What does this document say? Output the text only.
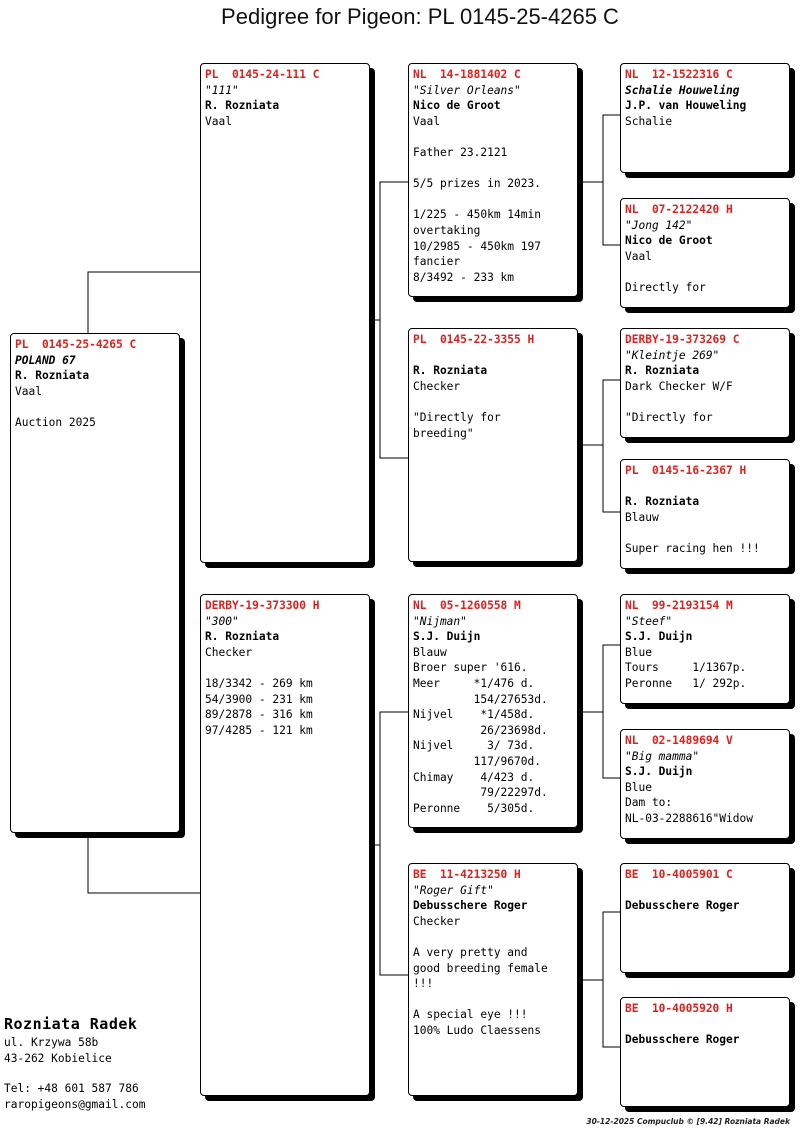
Pedigree for Pigeon: PL 0145-25-4265 C
PL  0145-25-4265 C
POLAND 67
R. Rozniata
Vaal
Auction 2025
PL  0145-24-111 C
"111"
R. Rozniata
Vaal
DERBY-19-373300 H
"300"
R. Rozniata
Checker
18/3342 - 269 km
54/3900 - 231 km
89/2878 - 316 km
97/4285 - 121 km
NL  14-1881402 C
"Silver Orleans"
Nico de Groot
Vaal
Father 23.2121
5/5 prizes in 2023.
1/225 - 450km 14min
overtaking
10/2985 - 450km 197
fancier
8/3492 - 233 km
PL  0145-22-3355 H
R. Rozniata
Checker
"Directly for
breeding"
NL  05-1260558 M
"Nijman"
S.J. Duijn
Blauw
Broer super '616.
Meer     *1/476 d.
154/27653d.
Nijvel    *1/458d.
26/23698d.
Nijvel     3/ 73d.
117/9670d.
Chimay    4/423 d.
79/22297d.
Peronne    5/305d.
BE  11-4213250 H
"Roger Gift"
Debusschere Roger
Checker
A very pretty and
good breeding female
!!!
A special eye !!!
100% Ludo Claessens
NL  12-1522316 C
Schalie Houweling
J.P. van Houweling
Schalie
NL  07-2122420 H
"Jong 142"
Nico de Groot
Vaal
Directly for
DERBY-19-373269 C
"Kleintje 269"
R. Rozniata
Dark Checker W/F
"Directly for
PL  0145-16-2367 H
R. Rozniata
Blauw
Super racing hen !!!
NL  99-2193154 M
"Steef"
S.J. Duijn
Blue
Tours     1/1367p.
Peronne   1/ 292p.
NL  02-1489694 V
"Big mamma"
S.J. Duijn
Blue
Dam to:
NL-03-2288616"Widow
BE  10-4005901 C
Debusschere Roger
BE  10-4005920 H
Debusschere Roger
Rozniata Radek
ul. Krzywa 58b
43-262 Kobielice
Tel: +48 601 587 786
raropigeons@gmail.com
30-12-2025 Compuclub © [9.42] Rozniata Radek
